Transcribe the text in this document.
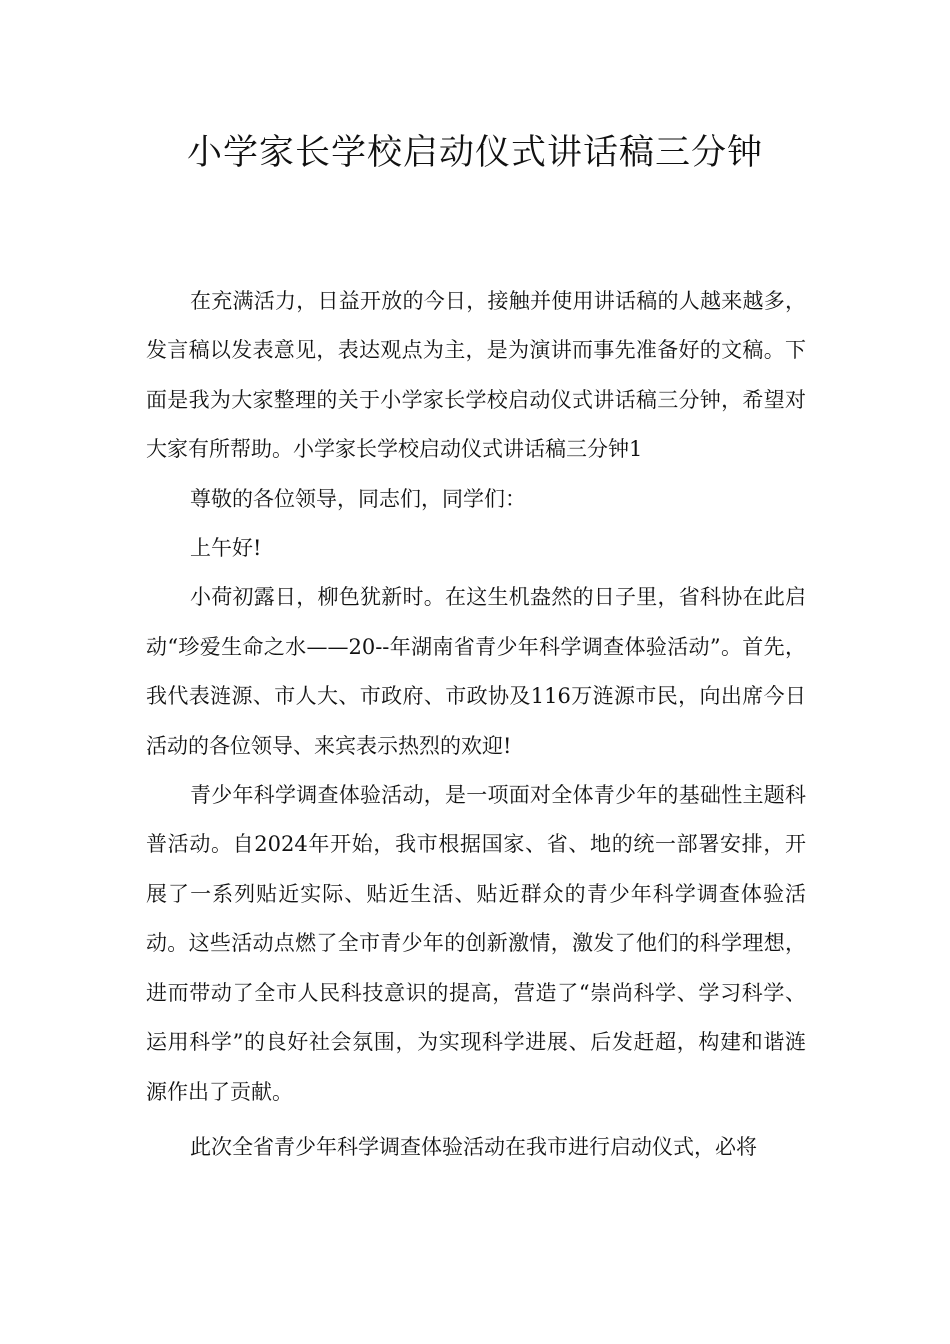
小学家长学校启动仪式讲话稿三分钟

在充满活力，日益开放的今日，接触并使用讲话稿的人越来越多，发言稿以发表意见，表达观点为主，是为演讲而事先准备好的文稿。下面是我为大家整理的关于小学家长学校启动仪式讲话稿三分钟，希望对大家有所帮助。小学家长学校启动仪式讲话稿三分钟1

尊敬的各位领导，同志们，同学们：

上午好!

小荷初露日，柳色犹新时。在这生机盎然的日子里，省科协在此启动“珍爱生命之水——20--年湖南省青少年科学调查体验活动”。首先，我代表涟源、市人大、市政府、市政协及116万涟源市民，向出席今日活动的各位领导、来宾表示热烈的欢迎!

青少年科学调查体验活动，是一项面对全体青少年的基础性主题科普活动。自2024年开始，我市根据国家、省、地的统一部署安排，开展了一系列贴近实际、贴近生活、贴近群众的青少年科学调查体验活动。这些活动点燃了全市青少年的创新激情，激发了他们的科学理想，进而带动了全市人民科技意识的提高，营造了“崇尚科学、学习科学、运用科学”的良好社会氛围，为实现科学进展、后发赶超，构建和谐涟源作出了贡献。

此次全省青少年科学调查体验活动在我市进行启动仪式，必将
